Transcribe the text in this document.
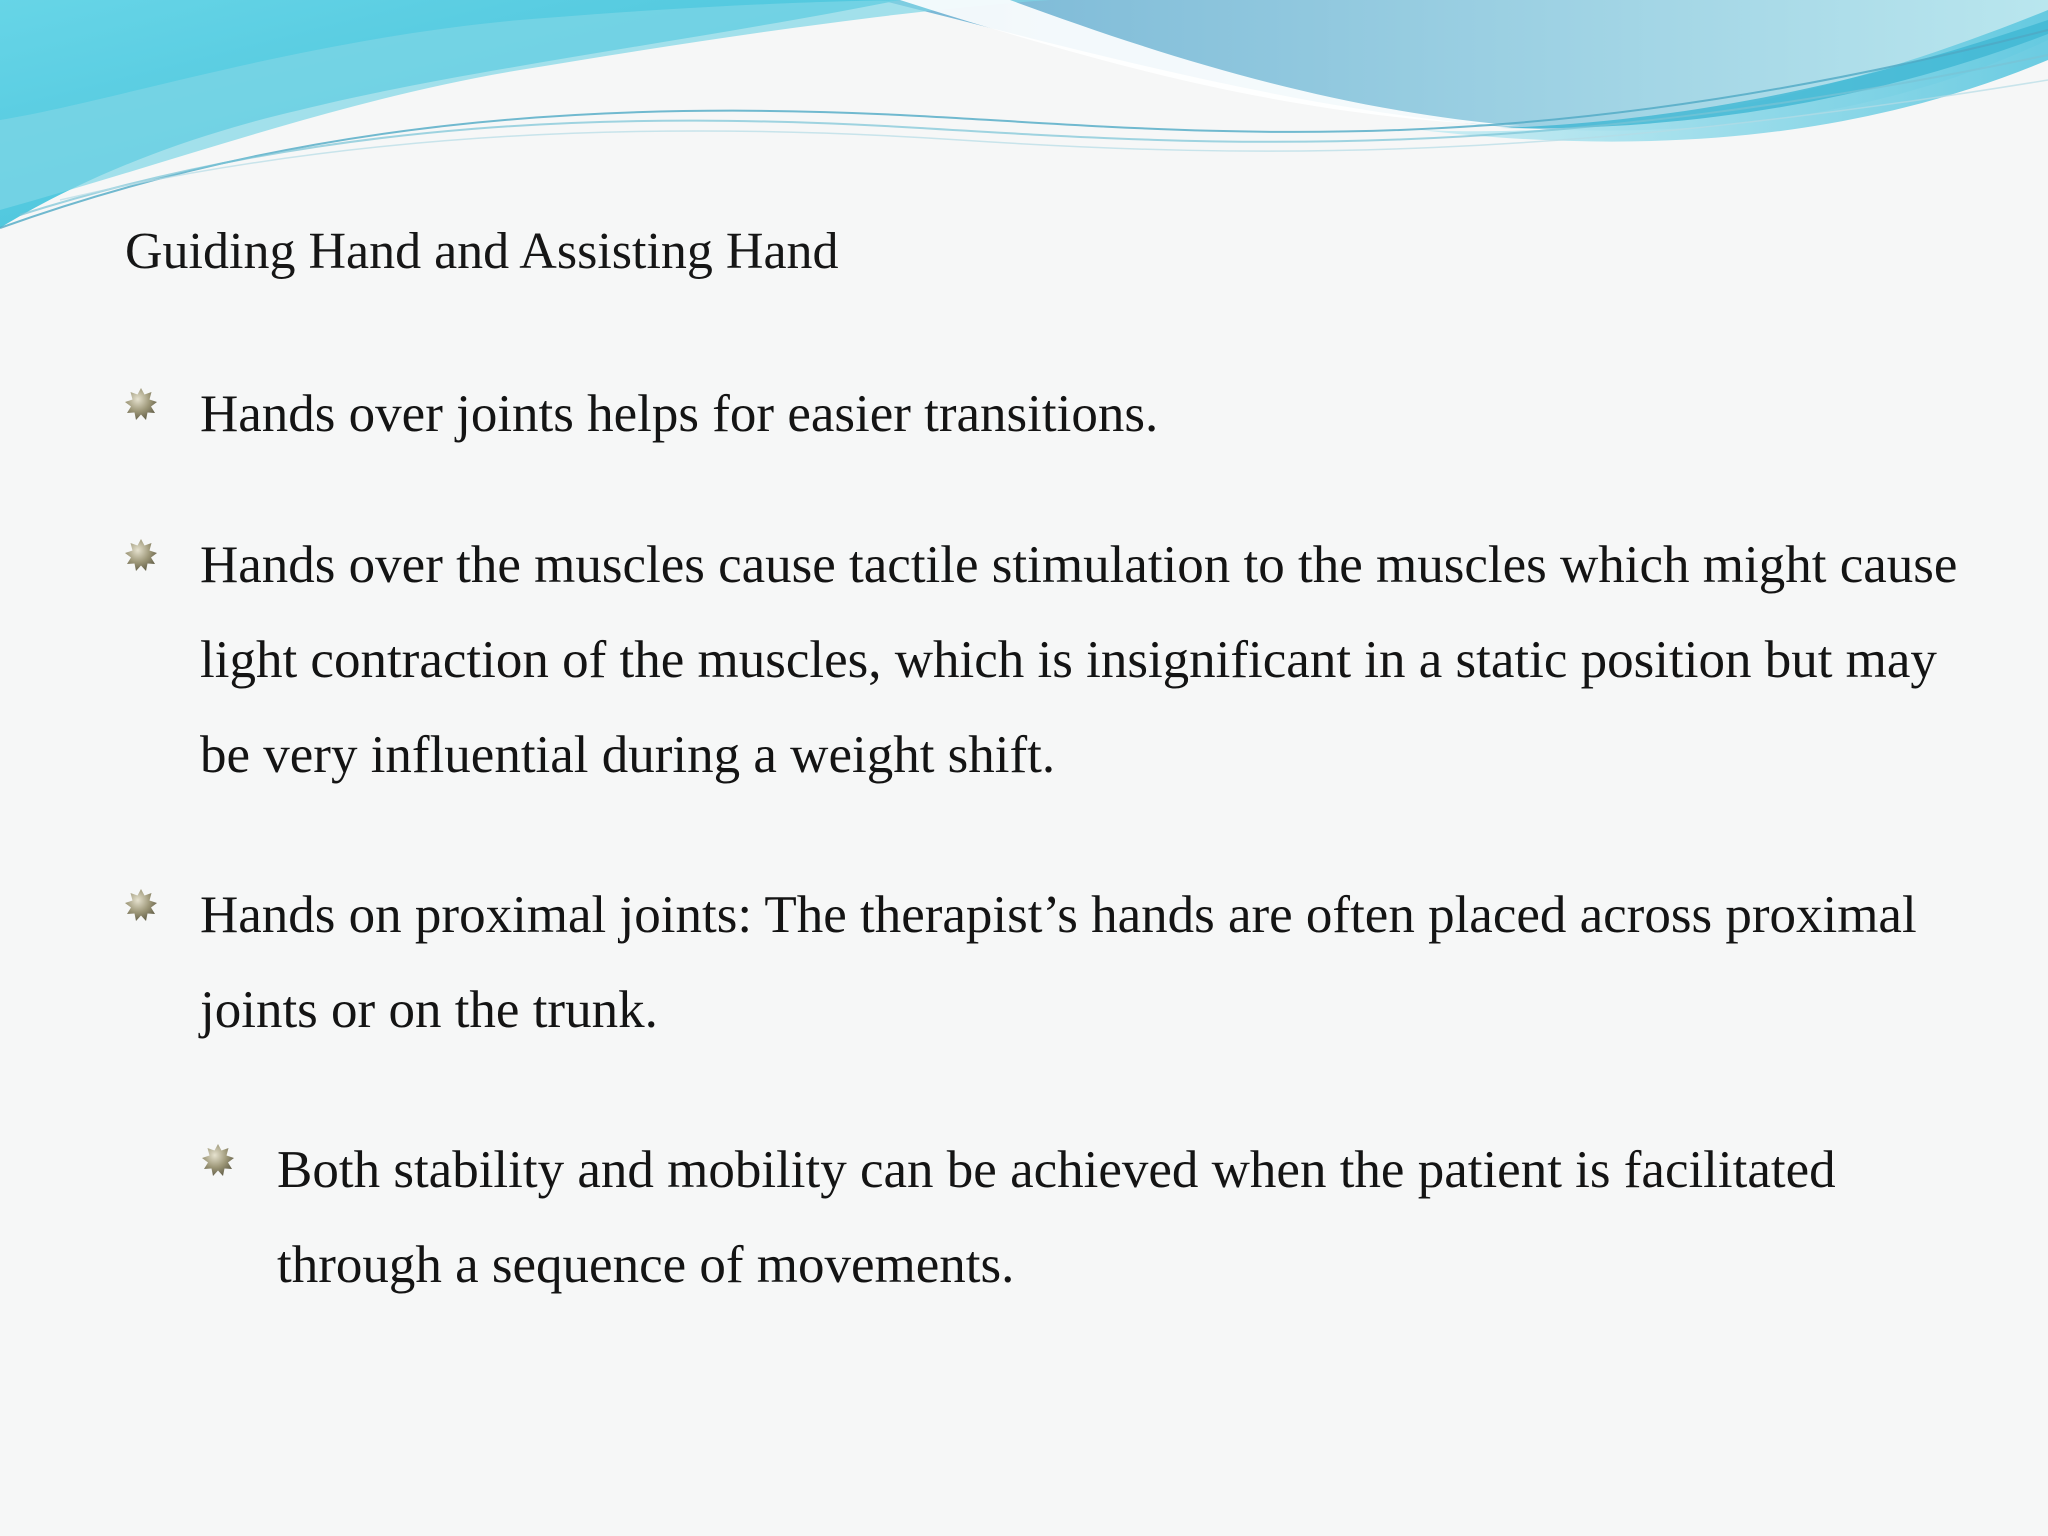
Guiding Hand and Assisting Hand
Hands over joints helps for easier transitions.
Hands over the muscles cause tactile stimulation to the muscles which might cause light contraction of the muscles, which is insignificant in a static position but may be very influential during a weight shift.
Hands on proximal joints: The therapist’s hands are often placed across proximal joints or on the trunk.
Both stability and mobility can be achieved when the patient is facilitated through a sequence of movements.
